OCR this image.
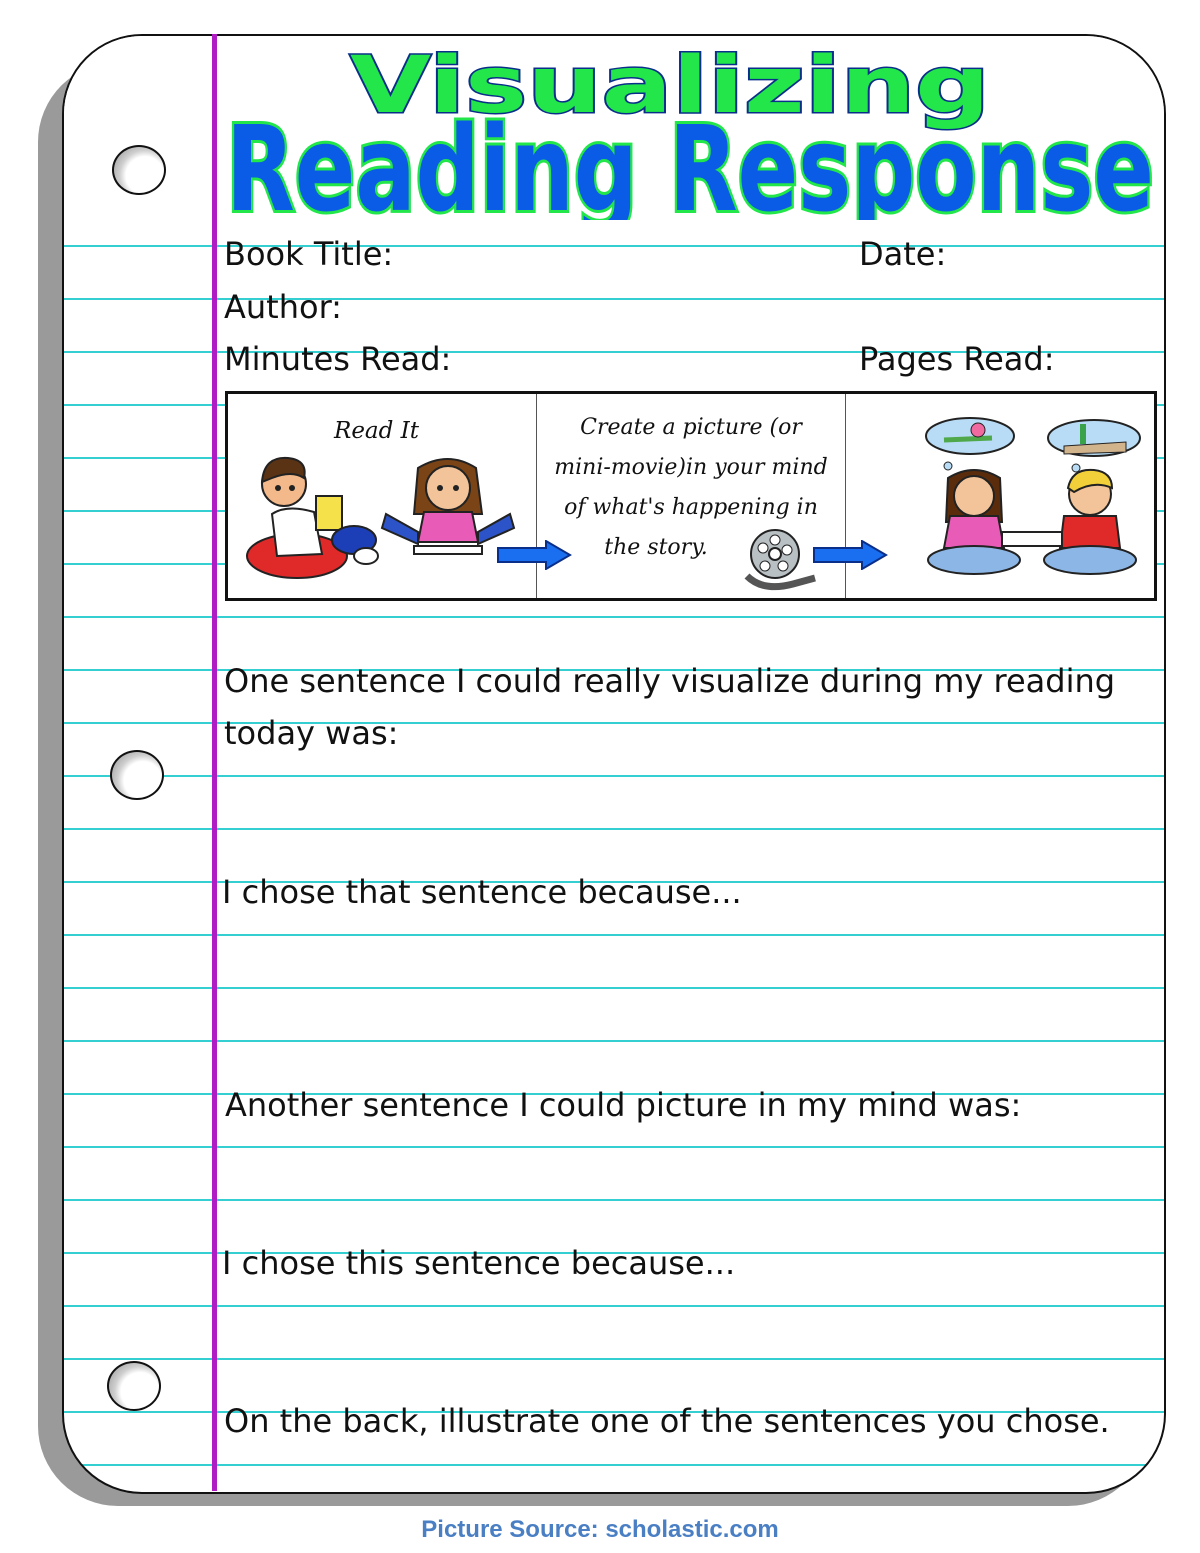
Visualizing
Reading Response
Book Title:	Date:
Author:
Minutes Read:	Pages Read:
Read It	Create a picture (or
mini-movie)in your mind
of what's happening in
the story.
One sentence I could really visualize during my reading
today was:
I chose that sentence because...
Another sentence I could picture in my mind was:
I chose this sentence because...
On the back, illustrate one of the sentences you chose.
Picture Source: scholastic.com
